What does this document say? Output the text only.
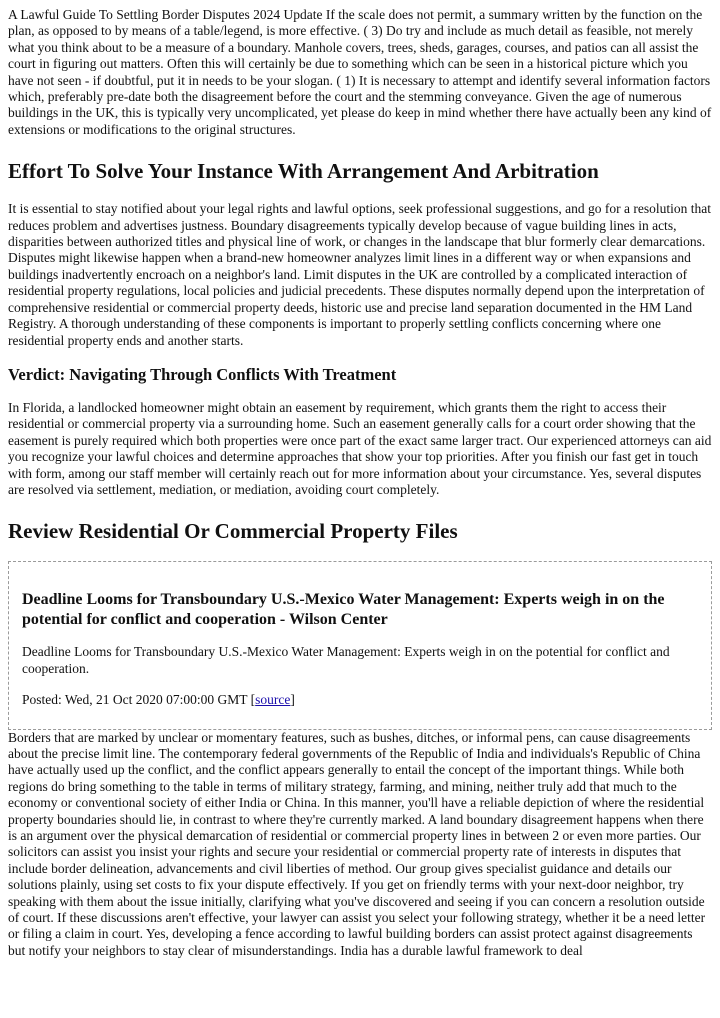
A Lawful Guide To Settling Border Disputes 2024 Update If the scale does not permit, a summary written by the function on the plan, as opposed to by means of a table/legend, is more effective. ( 3) Do try and include as much detail as feasible, not merely what you think about to be a measure of a boundary. Manhole covers, trees, sheds, garages, courses, and patios can all assist the court in figuring out matters. Often this will certainly be due to something which can be seen in a historical picture which you have not seen - if doubtful, put it in needs to be your slogan. ( 1) It is necessary to attempt and identify several information factors which, preferably pre-date both the disagreement before the court and the stemming conveyance. Given the age of numerous buildings in the UK, this is typically very uncomplicated, yet please do keep in mind whether there have actually been any kind of extensions or modifications to the original structures.

Effort To Solve Your Instance With Arrangement And Arbitration

It is essential to stay notified about your legal rights and lawful options, seek professional suggestions, and go for a resolution that reduces problem and advertises justness. Boundary disagreements typically develop because of vague building lines in acts, disparities between authorized titles and physical line of work, or changes in the landscape that blur formerly clear demarcations. Disputes might likewise happen when a brand-new homeowner analyzes limit lines in a different way or when expansions and buildings inadvertently encroach on a neighbor's land. Limit disputes in the UK are controlled by a complicated interaction of residential property regulations, local policies and judicial precedents. These disputes normally depend upon the interpretation of comprehensive residential or commercial property deeds, historic use and precise land separation documented in the HM Land Registry. A thorough understanding of these components is important to properly settling conflicts concerning where one residential property ends and another starts.

Verdict: Navigating Through Conflicts With Treatment

In Florida, a landlocked homeowner might obtain an easement by requirement, which grants them the right to access their residential or commercial property via a surrounding home. Such an easement generally calls for a court order showing that the easement is purely required which both properties were once part of the exact same larger tract. Our experienced attorneys can aid you recognize your lawful choices and determine approaches that show your top priorities. After you finish our fast get in touch with form, among our staff member will certainly reach out for more information about your circumstance. Yes, several disputes are resolved via settlement, mediation, or mediation, avoiding court completely.

Review Residential Or Commercial Property Files
Deadline Looms for Transboundary U.S.-Mexico Water Management: Experts weigh in on the potential for conflict and cooperation - Wilson Center

Deadline Looms for Transboundary U.S.-Mexico Water Management: Experts weigh in on the potential for conflict and cooperation.

Posted: Wed, 21 Oct 2020 07:00:00 GMT [source]

Borders that are marked by unclear or momentary features, such as bushes, ditches, or informal pens, can cause disagreements about the precise limit line. The contemporary federal governments of the Republic of India and individuals's Republic of China have actually used up the conflict, and the conflict appears generally to entail the concept of the important things. While both regions do bring something to the table in terms of military strategy, farming, and mining, neither truly add that much to the economy or conventional society of either India or China. In this manner, you'll have a reliable depiction of where the residential property boundaries should lie, in contrast to where they're currently marked. A land boundary disagreement happens when there is an argument over the physical demarcation of residential or commercial property lines in between 2 or even more parties. Our solicitors can assist you insist your rights and secure your residential or commercial property rate of interests in disputes that include border delineation, advancements and civil liberties of method. Our group gives specialist guidance and details our solutions plainly, using set costs to fix your dispute effectively. If you get on friendly terms with your next-door neighbor, try speaking with them about the issue initially, clarifying what you've discovered and seeing if you can concern a resolution outside of court. If these discussions aren't effective, your lawyer can assist you select your following strategy, whether it be a need letter or filing a claim in court. Yes, developing a fence according to lawful building borders can assist protect against disagreements but notify your neighbors to stay clear of misunderstandings. India has a durable lawful framework to deal
